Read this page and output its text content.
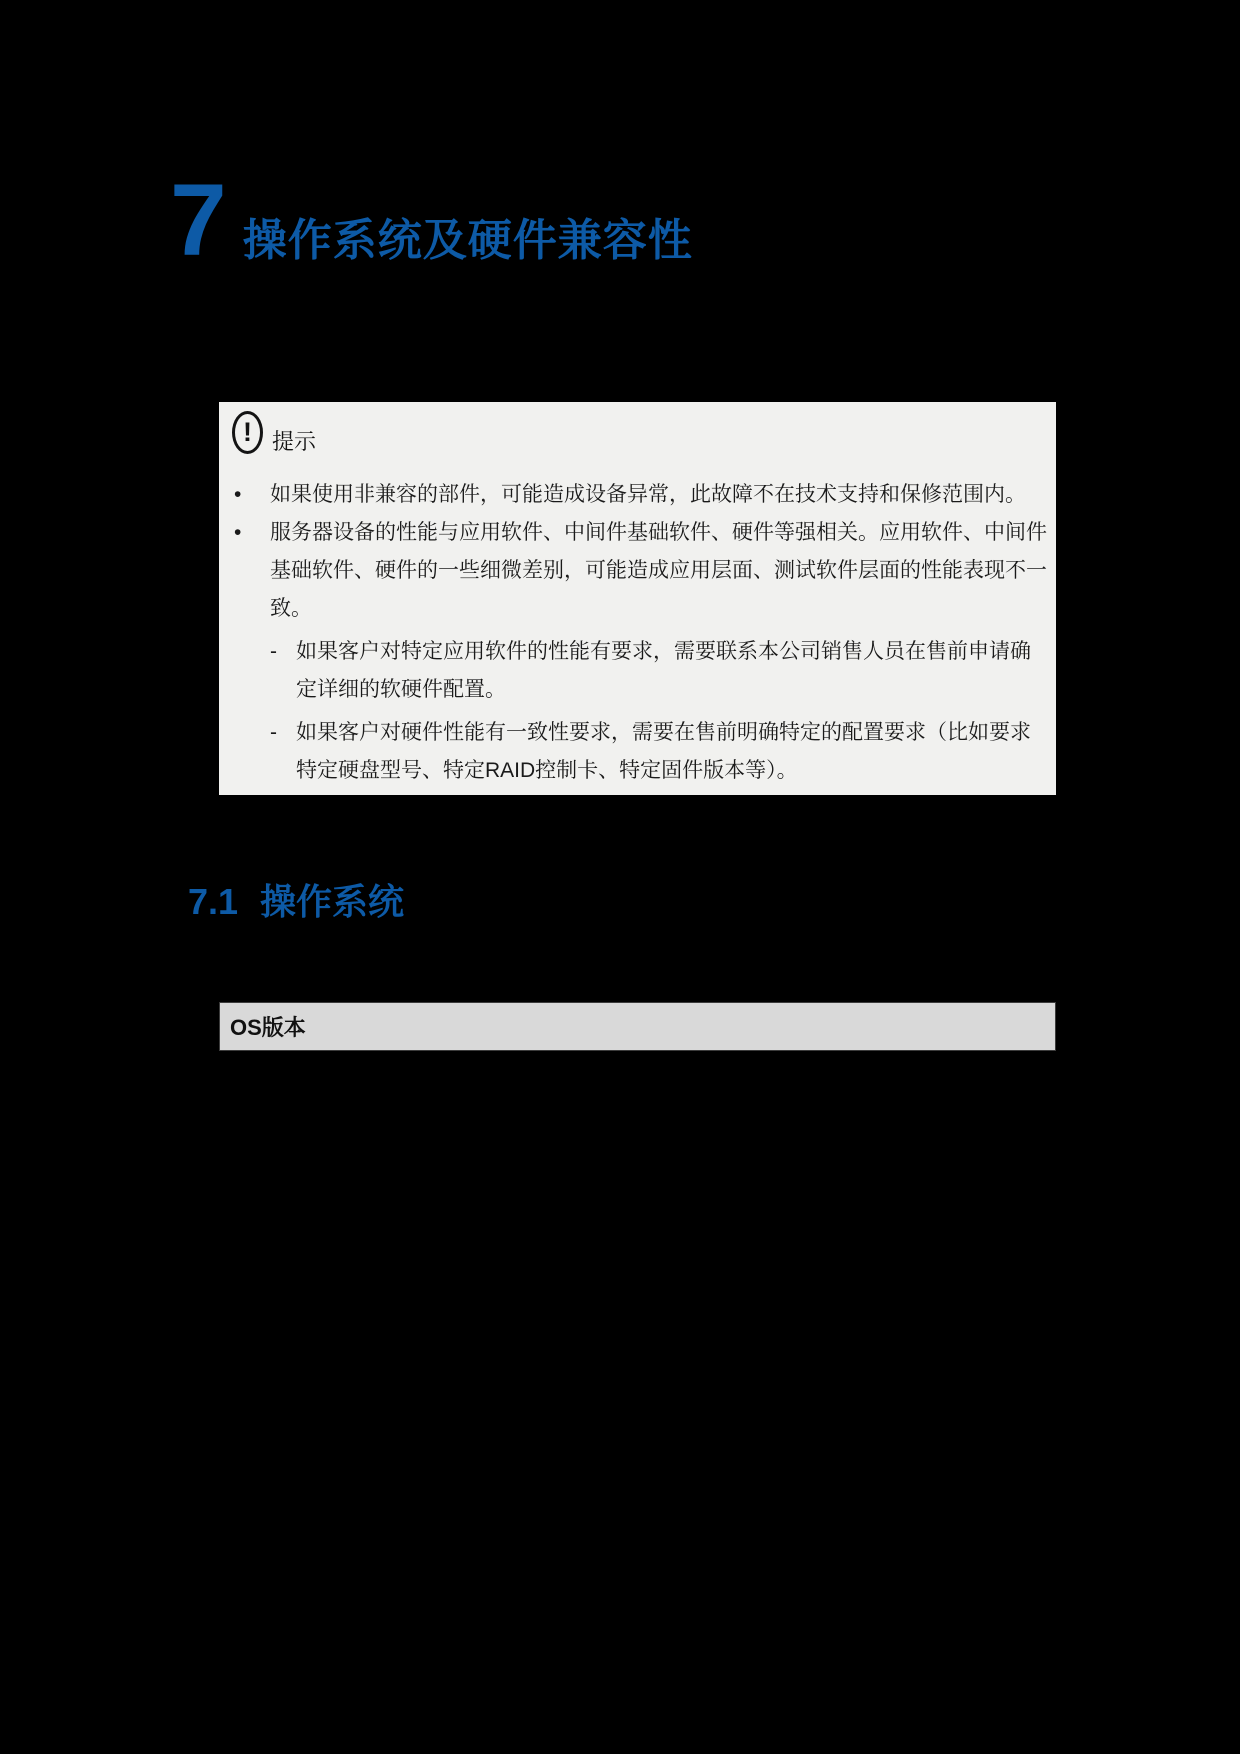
7 操作系统及硬件兼容性
! 提示
•	如果使用非兼容的部件，可能造成设备异常，此故障不在技术支持和保修范围内。
•	服务器设备的性能与应用软件、中间件基础软件、硬件等强相关。应用软件、中间件基础软件、硬件的一些细微差别，可能造成应用层面、测试软件层面的性能表现不一致。
- 如果客户对特定应用软件的性能有要求，需要联系本公司销售人员在售前申请确定详细的软硬件配置。
- 如果客户对硬件性能有一致性要求，需要在售前明确特定的配置要求（比如要求特定硬盘型号、特定RAID控制卡、特定固件版本等）。
7.1 操作系统
OS版本
